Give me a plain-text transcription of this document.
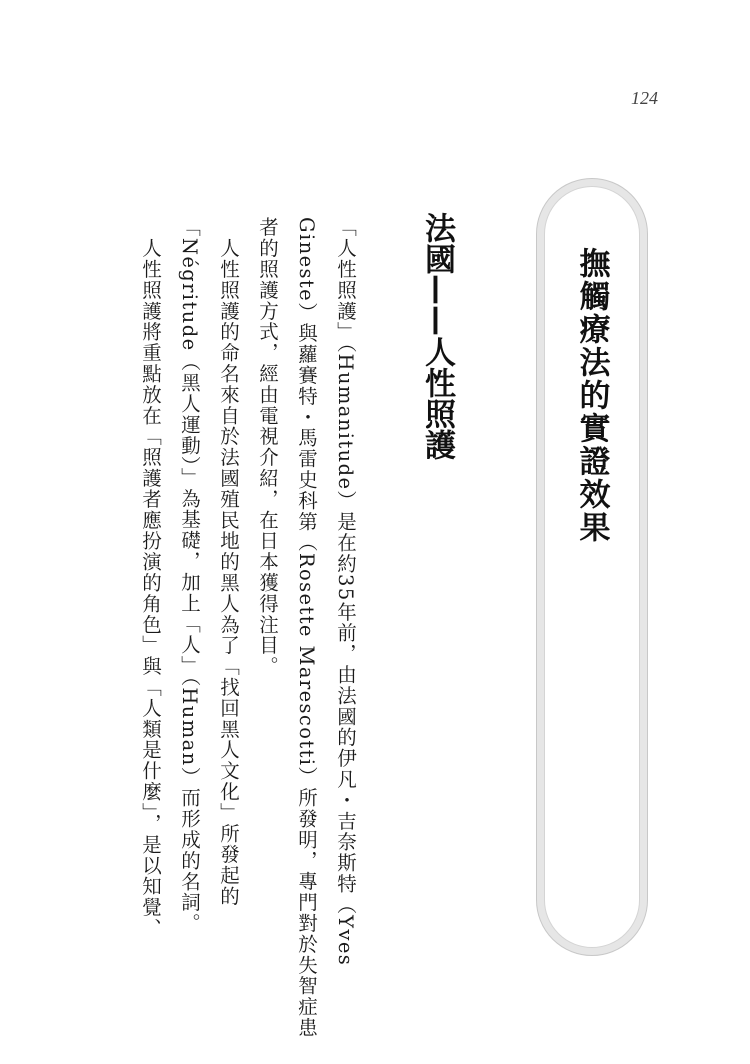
124
撫觸療法的實證效果
法國——人性照護
「人性照護」（Humanitude）是在約35年前，由法國的伊凡・吉奈斯特（Yves
Gineste）與蘿賽特・馬雷史科第（Rosette Marescotti）所發明，專門對於失智症患
者的照護方式，經由電視介紹，在日本獲得注目。
　人性照護的命名來自於法國殖民地的黑人為了「找回黑人文化」所發起的
「Négritude（黑人運動）」為基礎，加上「人」（Human）而形成的名詞。
　人性照護將重點放在「照護者應扮演的角色」與「人類是什麼」，是以知覺、
